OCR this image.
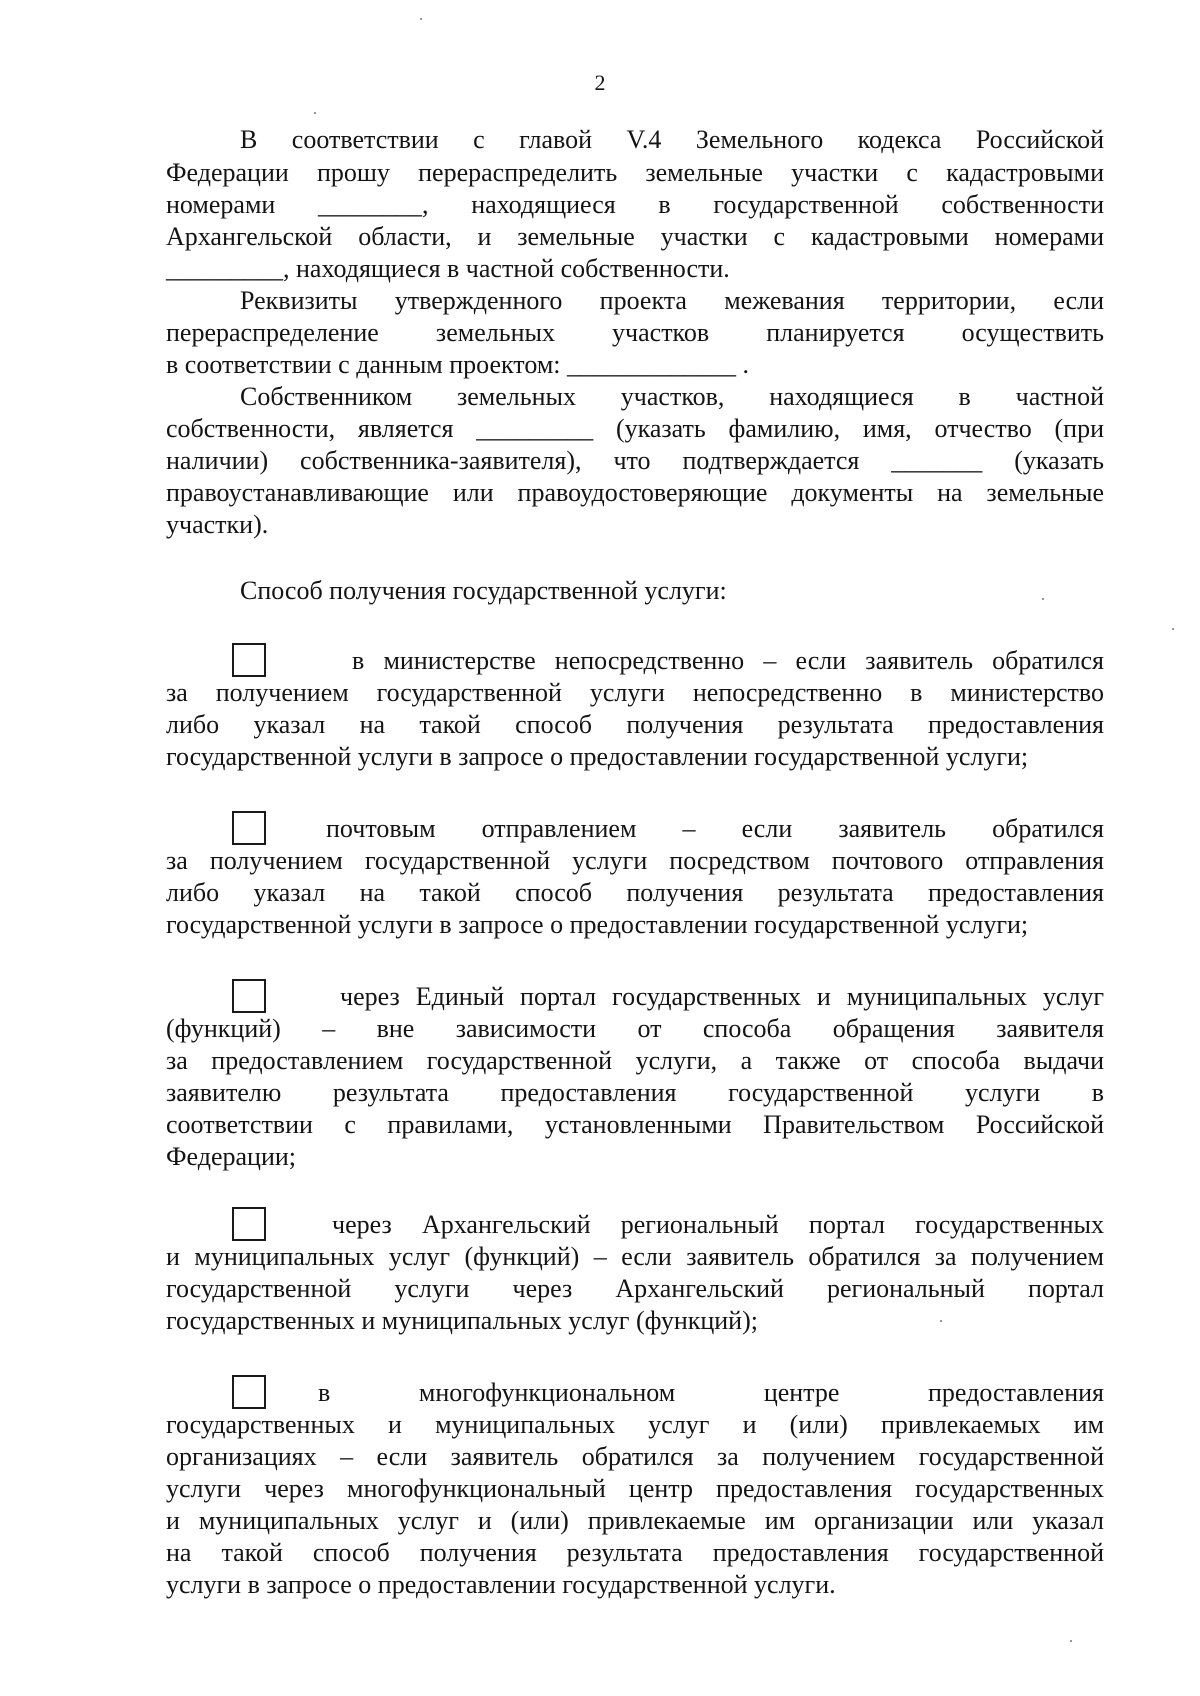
2
В соответствии с главой V.4 Земельного кодекса Российской
Федерации прошу перераспределить земельные участки с кадастровыми
номерами ________, находящиеся в государственной собственности
Архангельской области, и земельные участки с кадастровыми номерами
_________, находящиеся в частной собственности.
Реквизиты утвержденного проекта межевания территории, если
перераспределение земельных участков планируется осуществить
в соответствии с данным проектом: _____________ .
Собственником земельных участков, находящиеся в частной
собственности, является _________ (указать фамилию, имя, отчество (при
наличии) собственника-заявителя), что подтверждается _______ (указать
правоустанавливающие или правоудостоверяющие документы на земельные
участки).
Способ получения государственной услуги:
в министерстве непосредственно – если заявитель обратился
за получением государственной услуги непосредственно в министерство
либо указал на такой способ получения результата предоставления
государственной услуги в запросе о предоставлении государственной услуги;
почтовым отправлением – если заявитель обратился
за получением государственной услуги посредством почтового отправления
либо указал на такой способ получения результата предоставления
государственной услуги в запросе о предоставлении государственной услуги;
через Единый портал государственных и муниципальных услуг
(функций) – вне зависимости от способа обращения заявителя
за предоставлением государственной услуги, а также от способа выдачи
заявителю результата предоставления государственной услуги в
соответствии с правилами, установленными Правительством Российской
Федерации;
через Архангельский региональный портал государственных
и муниципальных услуг (функций) – если заявитель обратился за получением
государственной услуги через Архангельский региональный портал
государственных и муниципальных услуг (функций);
в многофункциональном центре предоставления
государственных и муниципальных услуг и (или) привлекаемых им
организациях – если заявитель обратился за получением государственной
услуги через многофункциональный центр предоставления государственных
и муниципальных услуг и (или) привлекаемые им организации или указал
на такой способ получения результата предоставления государственной
услуги в запросе о предоставлении государственной услуги.
